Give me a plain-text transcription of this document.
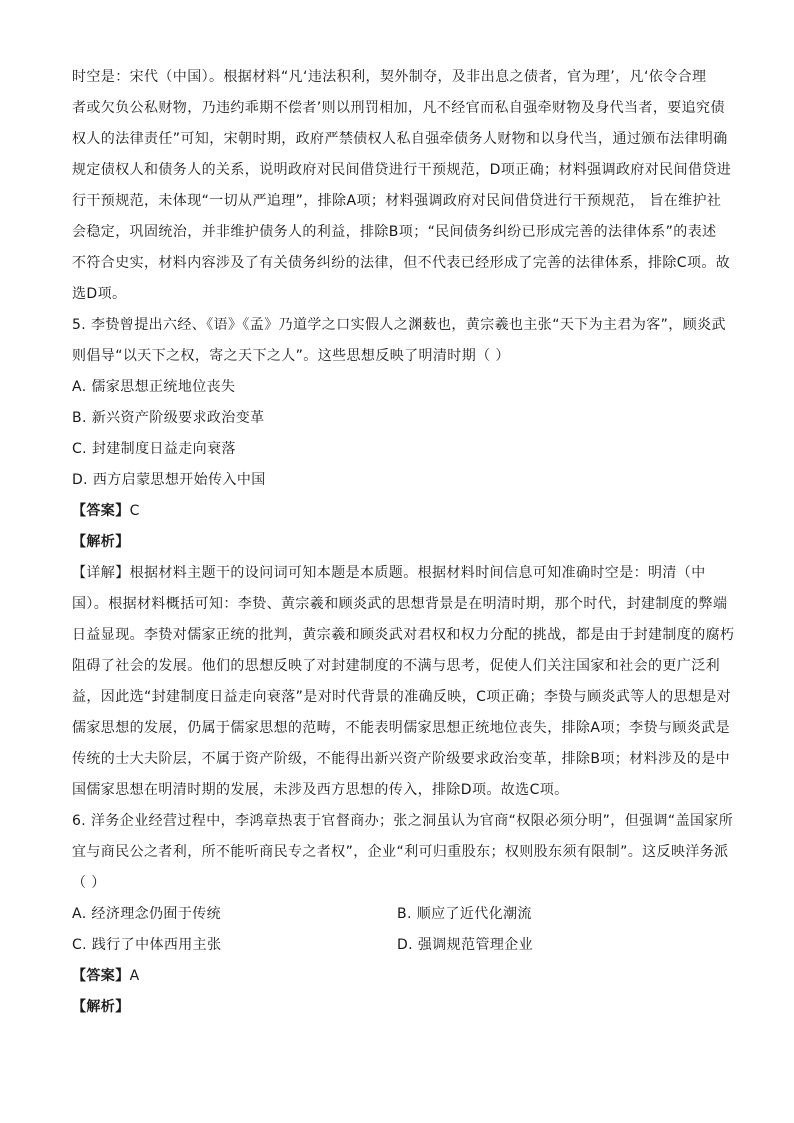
时空是：宋代（中国）。根据材料“凡‘违法积利，契外制夺，及非出息之债者，官为理’，凡‘依令合理
者或欠负公私财物，乃违约乖期不偿者’则以刑罚相加，凡不经官而私自强牵财物及身代当者，要追究债
权人的法律责任”可知，宋朝时期，政府严禁债权人私自强牵债务人财物和以身代当，通过颁布法律明确
规定债权人和债务人的关系，说明政府对民间借贷进行干预规范，D项正确；材料强调政府对民间借贷进
行干预规范，未体现“一切从严追理”，排除A项；材料强调政府对民间借贷进行干预规范， 旨在维护社
会稳定，巩固统治，并非维护债务人的利益，排除B项；“民间债务纠纷已形成完善的法律体系”的表述
不符合史实，材料内容涉及了有关债务纠纷的法律，但不代表已经形成了完善的法律体系，排除C项。故
选D项。
5. 李贽曾提出六经、《语》《孟》乃道学之口实假人之渊薮也，黄宗羲也主张“天下为主君为客”，顾炎武
则倡导“以天下之权，寄之天下之人”。这些思想反映了明清时期（ ）
A. 儒家思想正统地位丧失
B. 新兴资产阶级要求政治变革
C. 封建制度日益走向衰落
D. 西方启蒙思想开始传入中国
【答案】C
【解析】
【详解】根据材料主题干的设问词可知本题是本质题。根据材料时间信息可知准确时空是：明清（中
国）。根据材料概括可知：李贽、黄宗羲和顾炎武的思想背景是在明清时期，那个时代，封建制度的弊端
日益显现。李贽对儒家正统的批判，黄宗羲和顾炎武对君权和权力分配的挑战，都是由于封建制度的腐朽
阻碍了社会的发展。他们的思想反映了对封建制度的不满与思考，促使人们关注国家和社会的更广泛利
益，因此选“封建制度日益走向衰落”是对时代背景的准确反映，C项正确；李贽与顾炎武等人的思想是对
儒家思想的发展，仍属于儒家思想的范畴，不能表明儒家思想正统地位丧失，排除A项；李贽与顾炎武是
传统的士大夫阶层，不属于资产阶级，不能得出新兴资产阶级要求政治变革，排除B项；材料涉及的是中
国儒家思想在明清时期的发展，未涉及西方思想的传入，排除D项。故选C项。
6. 洋务企业经营过程中，李鸿章热衷于官督商办；张之洞虽认为官商“权限必须分明”，但强调“盖国家所
宜与商民公之者利，所不能听商民专之者权”，企业“利可归重股东；权则股东须有限制”。这反映洋务派
（ ）
A. 经济理念仍囿于传统	B. 顺应了近代化潮流
C. 践行了中体西用主张	D. 强调规范管理企业
【答案】A
【解析】
